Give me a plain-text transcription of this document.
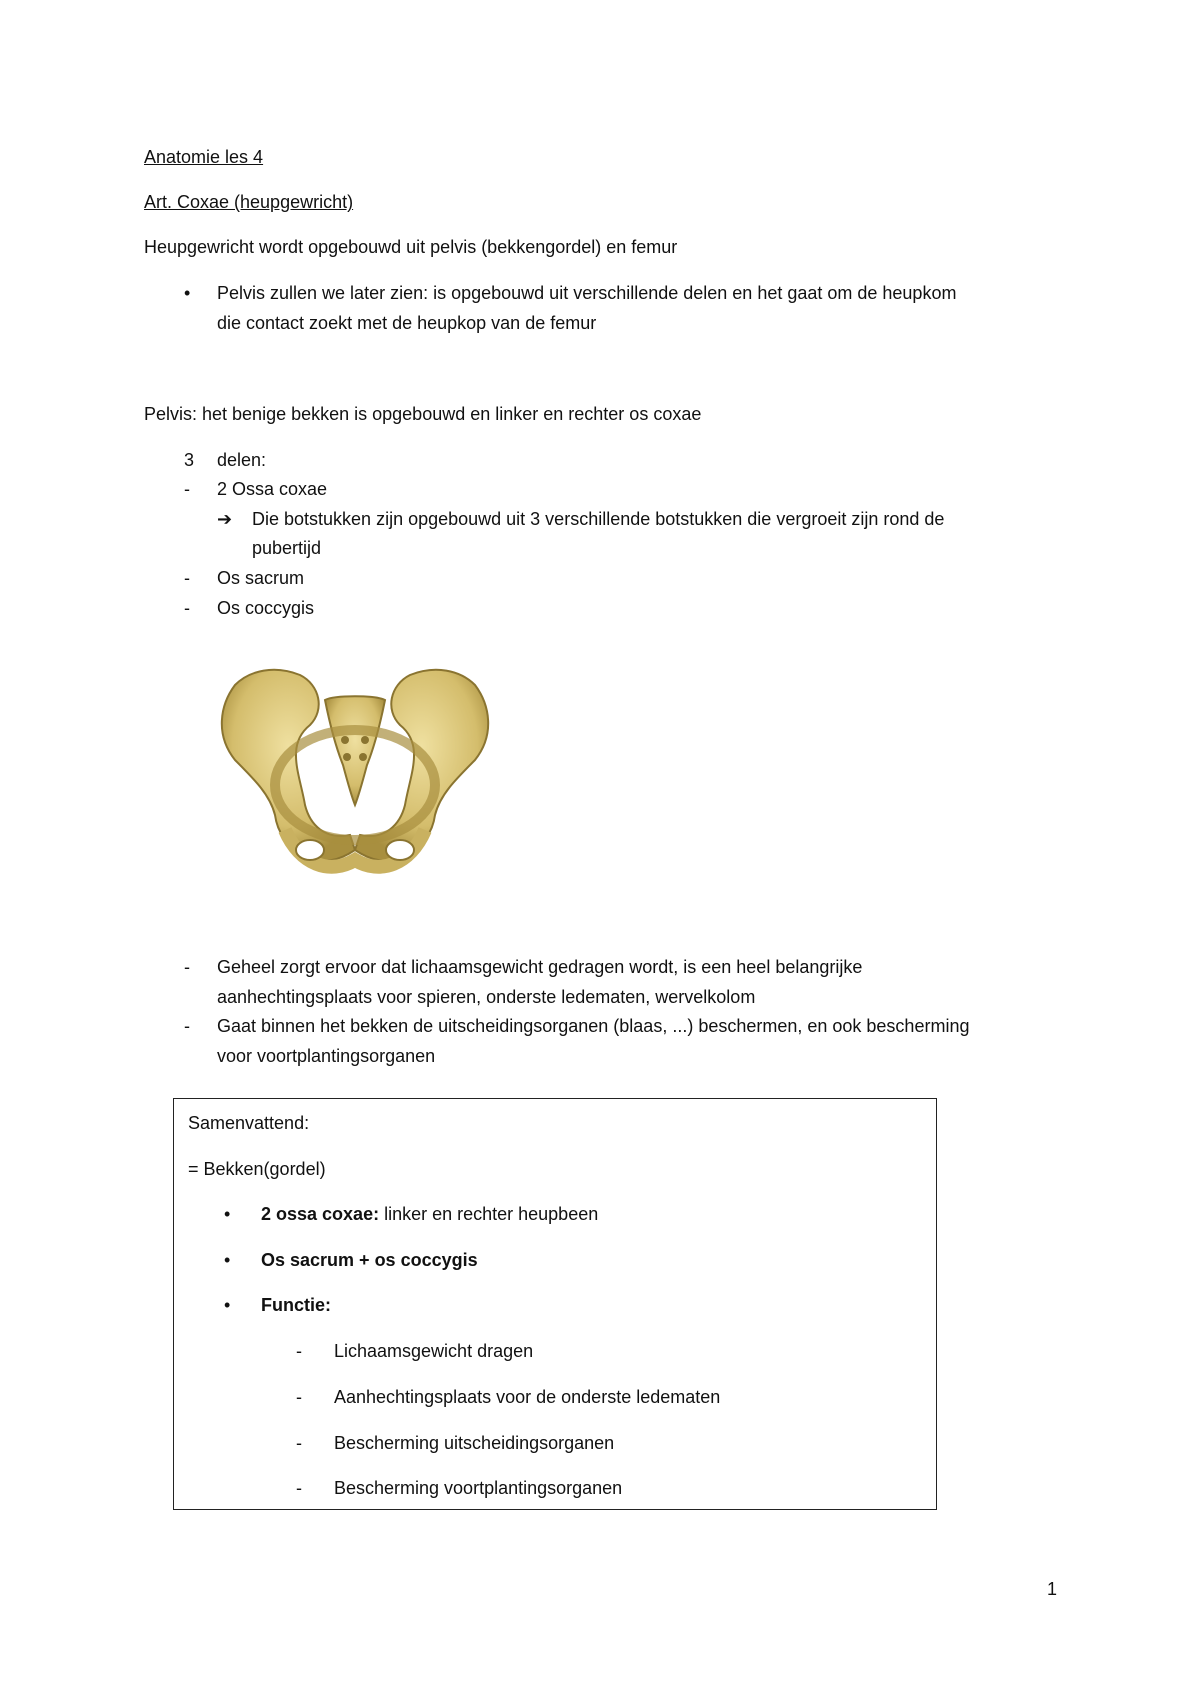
Anatomie les 4
Art. Coxae (heupgewricht)
Heupgewricht wordt opgebouwd uit pelvis (bekkengordel) en femur
• Pelvis zullen we later zien: is opgebouwd uit verschillende delen en het gaat om de heupkom
die contact zoekt met de heupkop van de femur
Pelvis: het benige bekken is opgebouwd en linker en rechter os coxae
3 delen:
- 2 Ossa coxae
➔ Die botstukken zijn opgebouwd uit 3 verschillende botstukken die vergroeit zijn rond de
pubertijd
- Os sacrum
- Os coccygis
- Geheel zorgt ervoor dat lichaamsgewicht gedragen wordt, is een heel belangrijke
aanhechtingsplaats voor spieren, onderste ledematen, wervelkolom
- Gaat binnen het bekken de uitscheidingsorganen (blaas, ...) beschermen, en ook bescherming
voor voortplantingsorganen
Samenvattend:
= Bekken(gordel)
• 2 ossa coxae: linker en rechter heupbeen
• Os sacrum + os coccygis
• Functie:
- Lichaamsgewicht dragen
- Aanhechtingsplaats voor de onderste ledematen
- Bescherming uitscheidingsorganen
- Bescherming voortplantingsorganen
1
